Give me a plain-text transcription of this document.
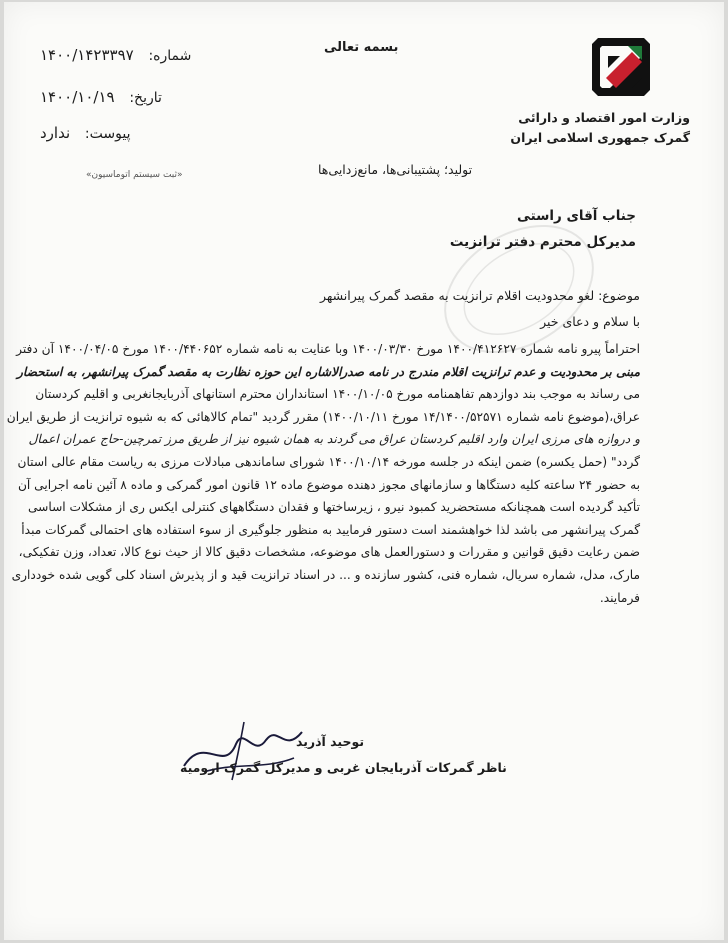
وزارت امور اقتصاد و دارائی
گمرک جمهوری اسلامی ایران
بسمه تعالی
شماره: ۱۴۰۰/۱۴۲۳۳۹۷
تاریخ: ۱۴۰۰/۱۰/۱۹
پیوست: ندارد
«ثبت سیستم اتوماسیون»	تولید؛ پشتیبانی‌ها، مانع‌زدایی‌ها
جناب آقای راستی
مدیرکل محترم دفتر ترانزیت
موضوع: لغو محدودیت اقلام ترانزیت به مقصد گمرک پیرانشهر
با سلام و دعای خیر
احتراماً پیرو نامه شماره ۱۴۰۰/۴۱۲۶۲۷ مورخ ۱۴۰۰/۰۳/۳۰ وبا عنایت به نامه شماره ۱۴۰۰/۴۴۰۶۵۲ مورخ ۱۴۰۰/۰۴/۰۵ آن دفتر
مبنی بر محدودیت و عدم ترانزیت اقلام مندرج در نامه صدرالاشاره این حوزه نظارت به مقصد گمرک پیرانشهر، به استحضار
می رساند به موجب بند دوازدهم تفاهمنامه مورخ ۱۴۰۰/۱۰/۰۵ استانداران محترم استانهای آذربایجانغربی و اقلیم کردستان
عراق،(موضوع نامه شماره ۱۴/۱۴۰۰/۵۲۵۷۱ مورخ ۱۴۰۰/۱۰/۱۱) مقرر گردید "تمام کالاهائی که به شیوه ترانزیت از طریق ایران
و دروازه های مرزی ایران وارد اقلیم کردستان عراق می گردند به همان شیوه نیز از طریق مرز تمرچین-حاج عمران اعمال
گردد" (حمل یکسره) ضمن اینکه در جلسه مورخه ۱۴۰۰/۱۰/۱۴ شورای ساماندهی مبادلات مرزی به ریاست مقام عالی استان
به حضور ۲۴ ساعته کلیه دستگاها و سازمانهای مجوز دهنده موضوع ماده ۱۲ قانون امور گمرکی و ماده ۸ آئین نامه اجرایی آن
تأکید گردیده است همچنانکه مستحضرید کمبود نیرو ، زیرساختها و فقدان دستگاههای کنترلی ایکس ری از مشکلات اساسی
گمرک پیرانشهر می باشد لذا خواهشمند است دستور فرمایید به منظور جلوگیری از سوء استفاده های احتمالی گمرکات مبدأ
ضمن رعایت دقیق قوانین و مقررات و دستورالعمل های موضوعه، مشخصات دقیق کالا از حیث نوع کالا، تعداد، وزن تفکیکی،
مارک، مدل، شماره سریال، شماره فنی، کشور سازنده و ... در اسناد ترانزیت قید و از پذیرش اسناد کلی گویی شده خودداری
فرمایند.
توحید آذرید
ناظر گمرکات آذربایجان غربی و مدیرکل گمرک ارومیه
